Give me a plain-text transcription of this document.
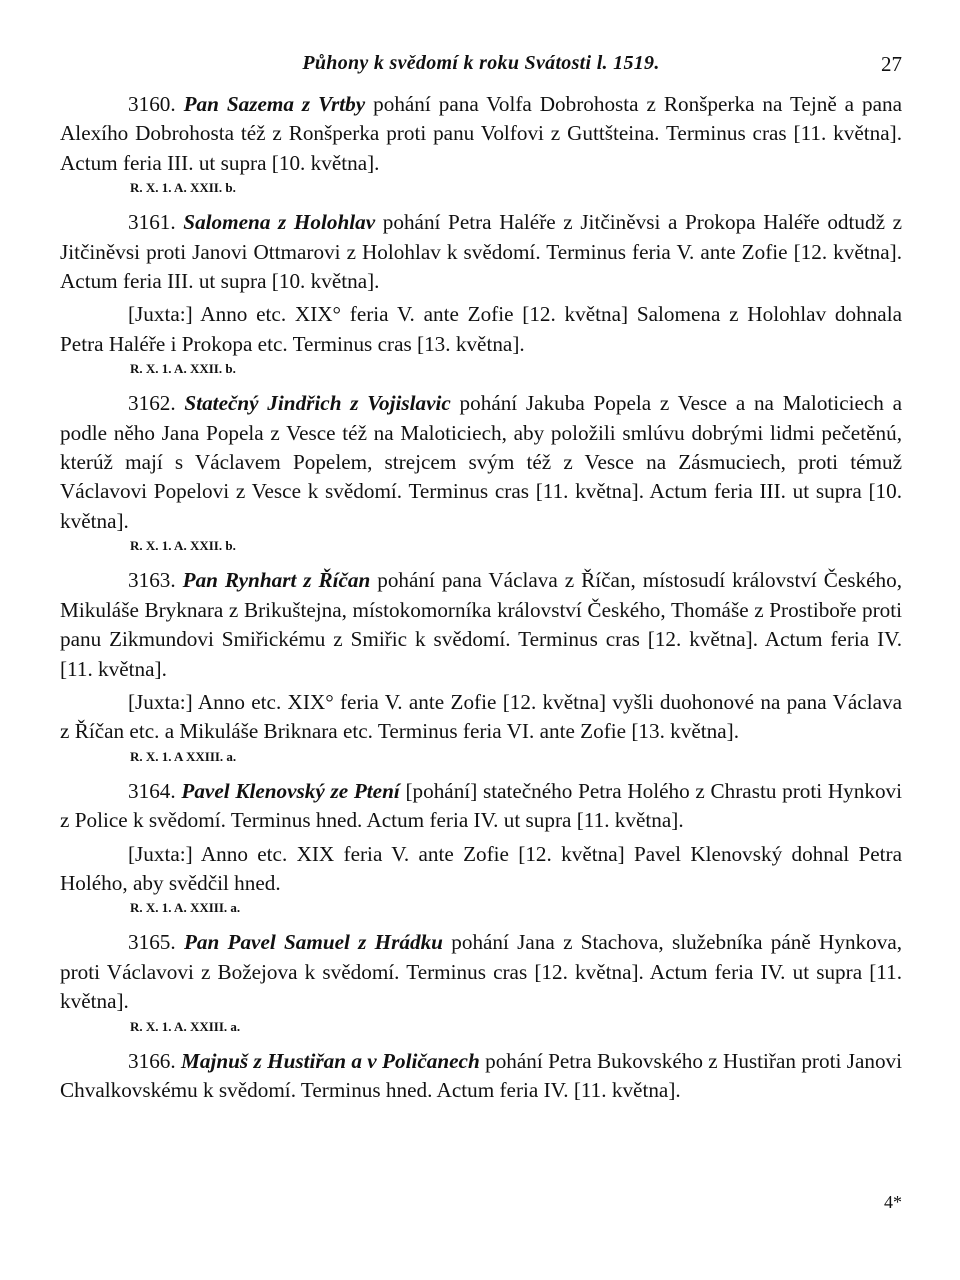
Půhony k svědomí k roku Svátosti l. 1519.	27

3160. Pan Sazema z Vrtby pohání pana Volfa Dobrohosta z Ronšperka na Tejně a pana Alexího Dobrohosta též z Ronšperka proti panu Volfovi z Guttšteina. Terminus cras [11. května]. Actum feria III. ut supra [10. května].

R. X. 1. A. XXII. b.

3161. Salomena z Holohlav pohání Petra Haléře z Jitčiněvsi a Prokopa Haléře odtudž z Jitčiněvsi proti Janovi Ottmarovi z Holohlav k svědomí. Terminus feria V. ante Zofie [12. května]. Actum feria III. ut supra [10. května].

[Juxta:] Anno etc. XIX° feria V. ante Zofie [12. května] Salomena z Holohlav dohnala Petra Haléře i Prokopa etc. Terminus cras [13. května].

R. X. 1. A. XXII. b.

3162. Statečný Jindřich z Vojislavic pohání Jakuba Popela z Vesce a na Maloticiech a podle něho Jana Popela z Vesce též na Maloticiech, aby položili smlúvu dobrými lidmi pečetěnú, kterúž mají s Václavem Popelem, strejcem svým též z Vesce na Zásmuciech, proti témuž Václavovi Popelovi z Vesce k svědomí. Terminus cras [11. května]. Actum feria III. ut supra [10. května].

R. X. 1. A. XXII. b.

3163. Pan Rynhart z Říčan pohání pana Václava z Říčan, místosudí království Českého, Mikuláše Bryknara z Brikuštejna, místokomorníka království Českého, Thomáše z Prostiboře proti panu Zikmundovi Smiřickému z Smiřic k svědomí. Terminus cras [12. května]. Actum feria IV. [11. května].

[Juxta:] Anno etc. XIX° feria V. ante Zofie [12. května] vyšli duohonové na pana Václava z Říčan etc. a Mikuláše Briknara etc. Terminus feria VI. ante Zofie [13. května].

R. X. 1. A XXIII. a.

3164. Pavel Klenovský ze Ptení [pohání] statečného Petra Holého z Chrastu proti Hynkovi z Police k svědomí. Terminus hned. Actum feria IV. ut supra [11. května].

[Juxta:] Anno etc. XIX feria V. ante Zofie [12. května] Pavel Klenovský dohnal Petra Holého, aby svědčil hned.

R. X. 1. A. XXIII. a.

3165. Pan Pavel Samuel z Hrádku pohání Jana z Stachova, služebníka páně Hynkova, proti Václavovi z Božejova k svědomí. Terminus cras [12. května]. Actum feria IV. ut supra [11. května].

R. X. 1. A. XXIII. a.

3166. Majnuš z Hustiřan a v Poličanech pohání Petra Bukovského z Hustiřan proti Janovi Chvalkovskému k svědomí. Terminus hned. Actum feria IV. [11. května].

4*
